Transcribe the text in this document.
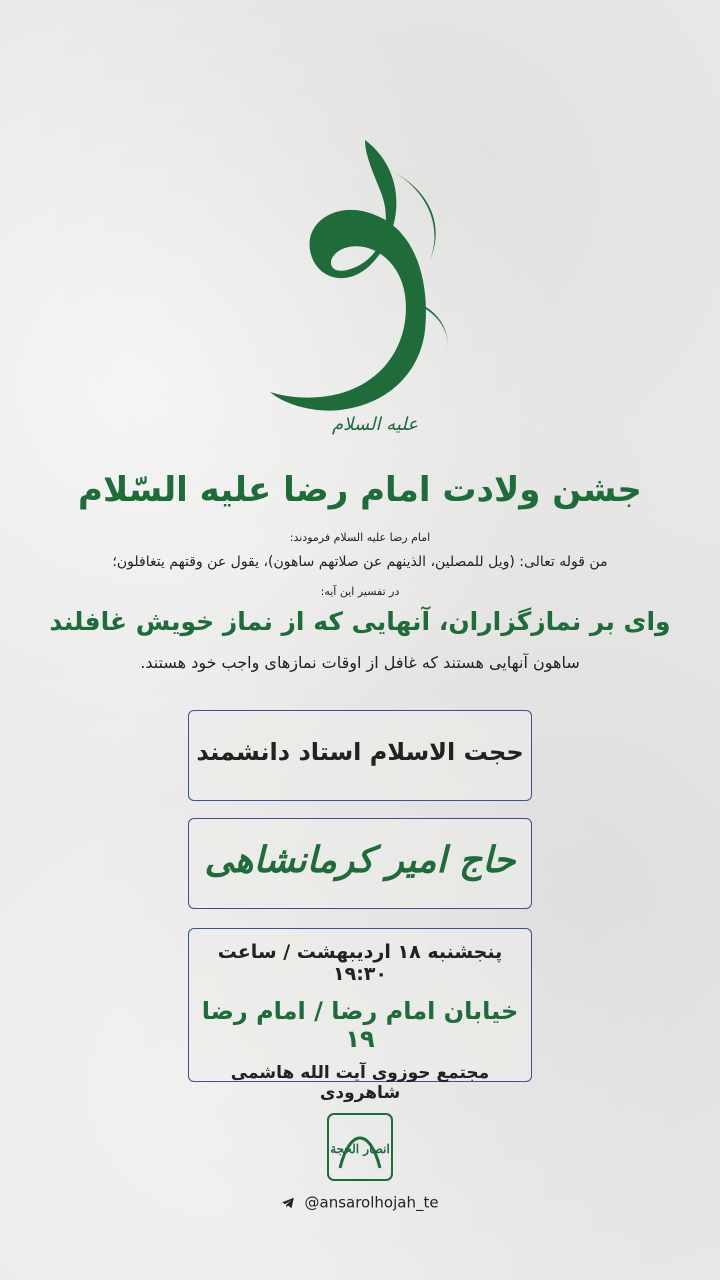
علیه السلام
جشن ولادت امام رضا علیه السّلام
امام رضا علیه السلام فرمودند:
من قوله تعالی: (ویل للمصلین، الذینهم عن صلاتهم ساهون)، یقول عن وقتهم یتغافلون؛
در تفسیر این آیه:
وای بر نمازگزاران، آنهایی که از نماز خویش غافلند
ساهون آنهایی هستند که غافل از اوقات نمازهای واجب خود هستند.
حجت الاسلام استاد دانشمند
حاج امیر کرمانشاهی
پنجشنبه ۱۸ اردیبهشت / ساعت ۱۹:۳۰
خیابان امام رضا / امام رضا ۱۹
مجتمع حوزوی آیت الله هاشمی شاهرودی
انصار الحجة
@ansarolhojah_te
